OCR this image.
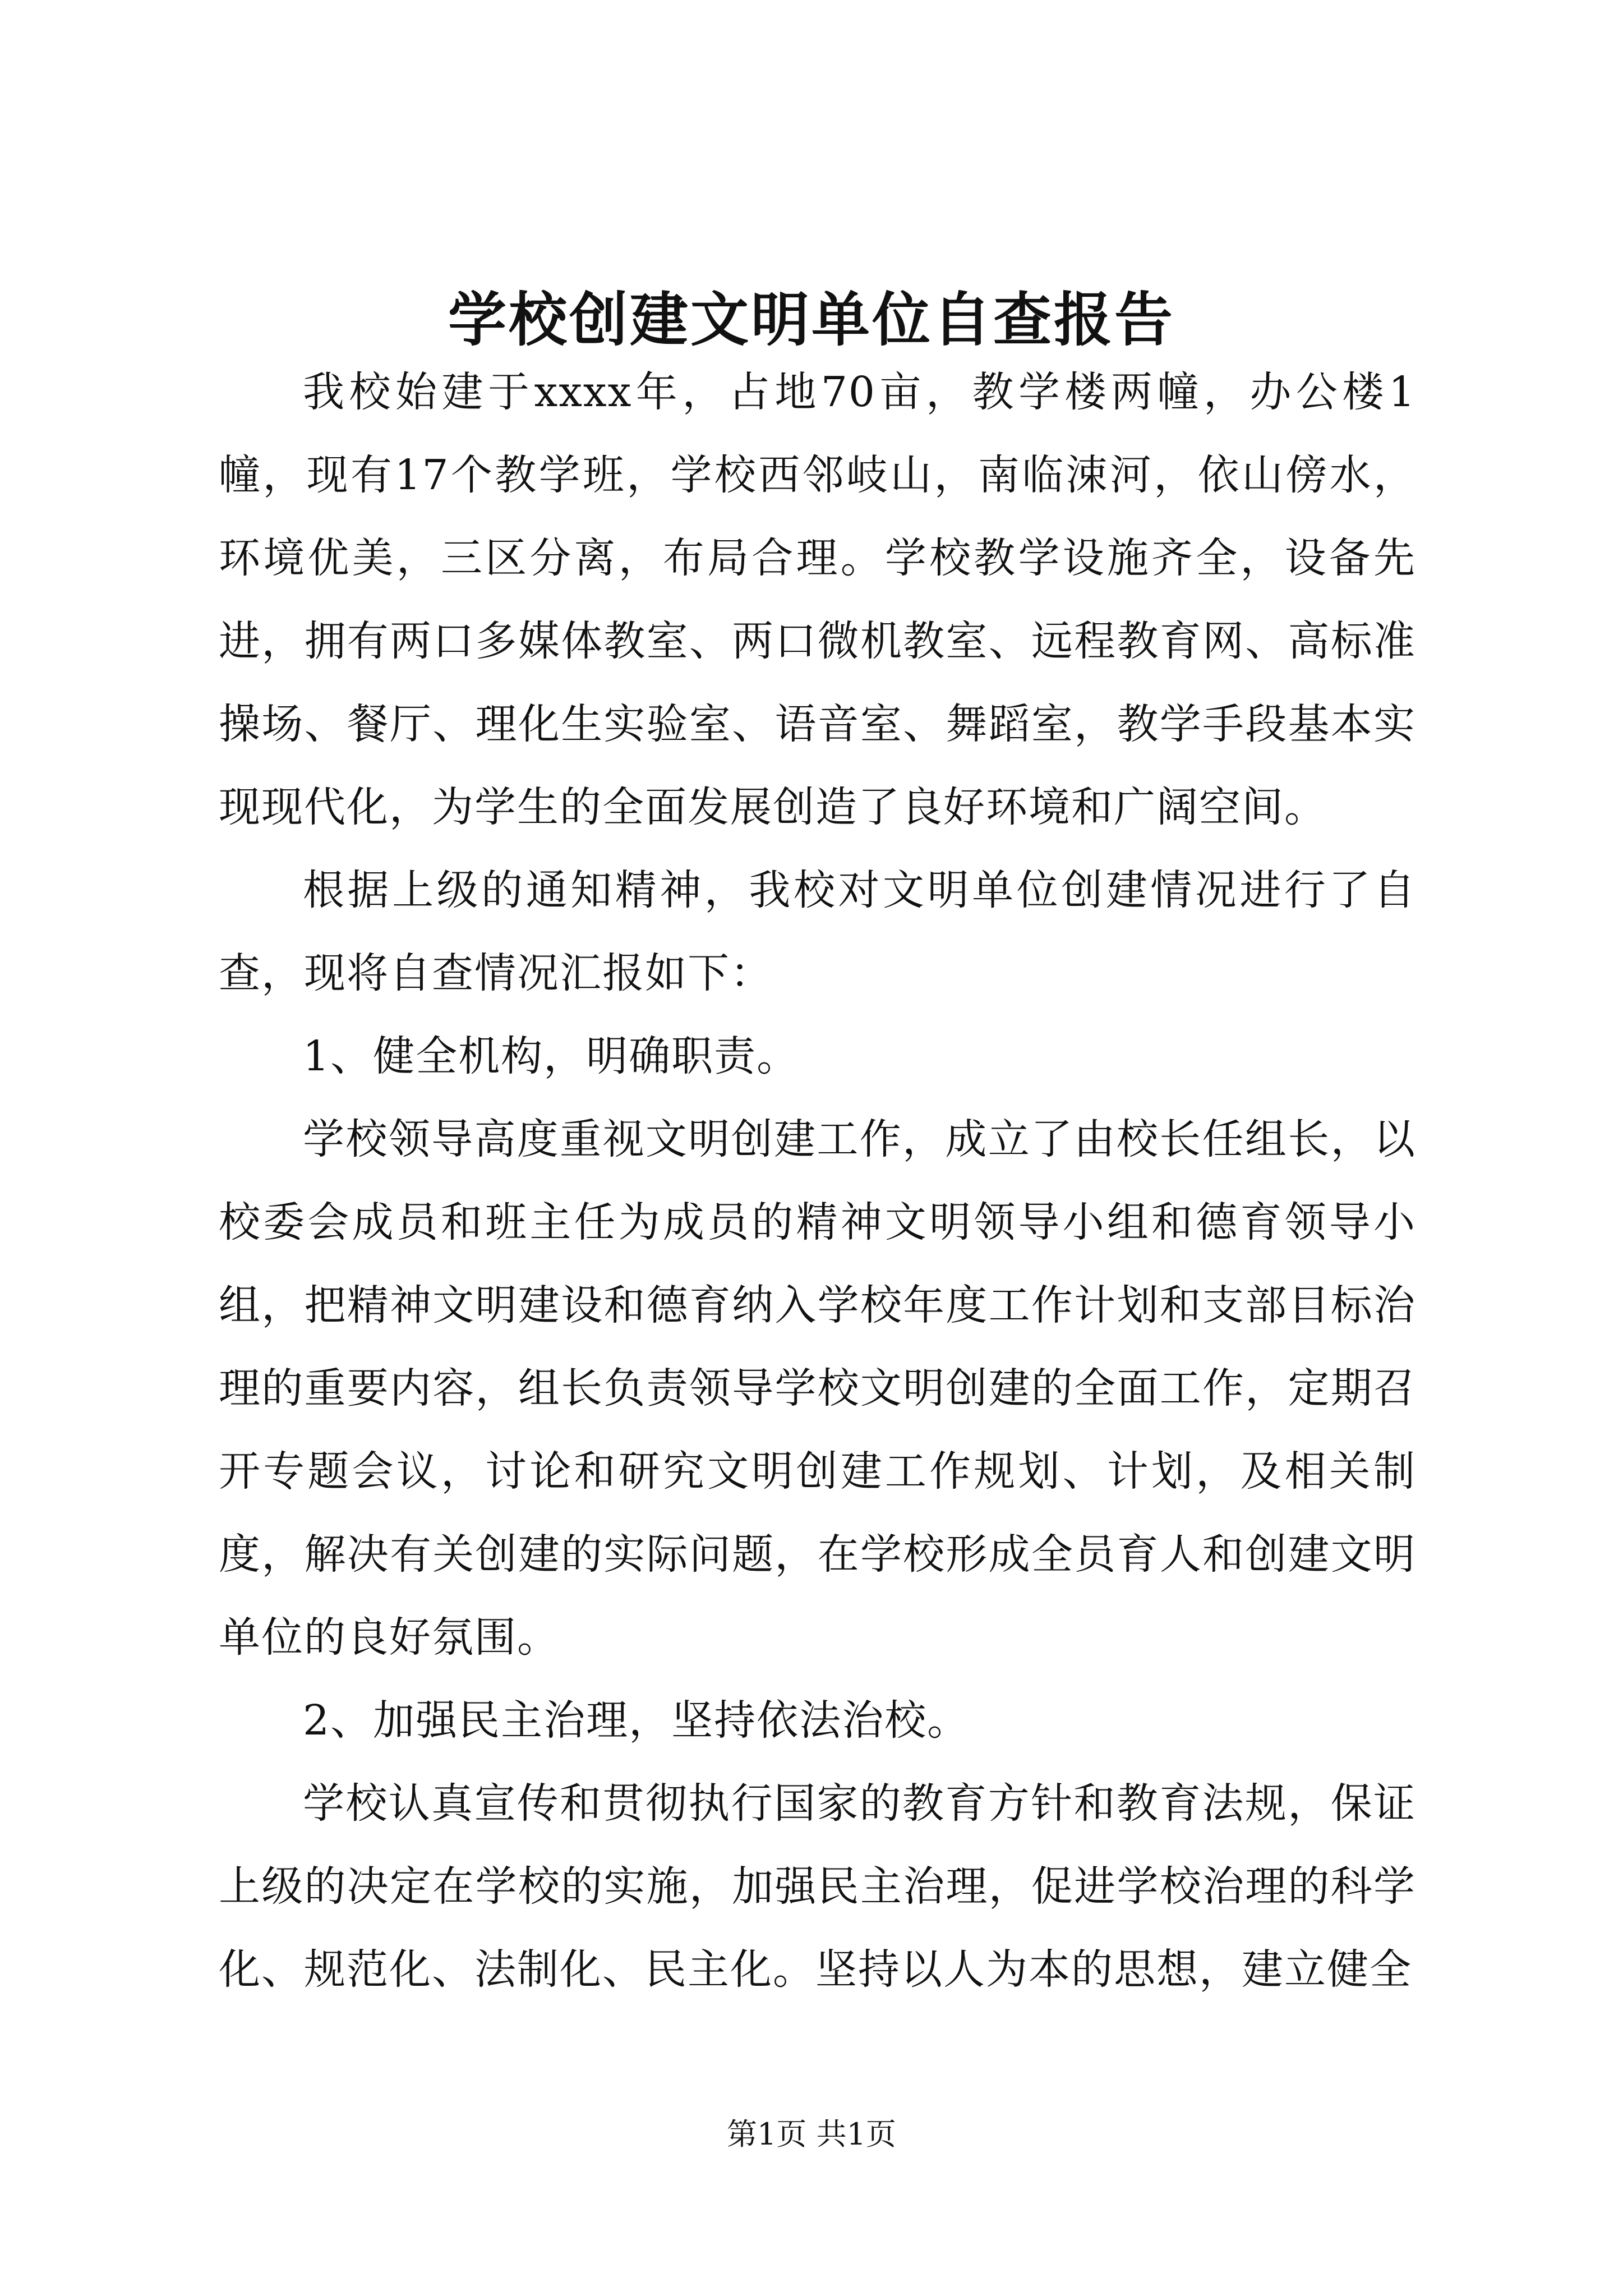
学校创建文明单位自查报告

我校始建于xxxx年，占地70亩，教学楼两幢，办公楼1幢，现有17个教学班，学校西邻岐山，南临涑河，依山傍水，环境优美，三区分离，布局合理。学校教学设施齐全，设备先进，拥有两口多媒体教室、两口微机教室、远程教育网、高标准操场、餐厅、理化生实验室、语音室、舞蹈室，教学手段基本实现现代化，为学生的全面发展创造了良好环境和广阔空间。

根据上级的通知精神，我校对文明单位创建情况进行了自查，现将自查情况汇报如下：

1、健全机构，明确职责。

学校领导高度重视文明创建工作，成立了由校长任组长，以校委会成员和班主任为成员的精神文明领导小组和德育领导小组，把精神文明建设和德育纳入学校年度工作计划和支部目标治理的重要内容，组长负责领导学校文明创建的全面工作，定期召开专题会议，讨论和研究文明创建工作规划、计划，及相关制度，解决有关创建的实际问题，在学校形成全员育人和创建文明单位的良好氛围。

2、加强民主治理，坚持依法治校。

学校认真宣传和贯彻执行国家的教育方针和教育法规，保证上级的决定在学校的实施，加强民主治理，促进学校治理的科学化、规范化、法制化、民主化。坚持以人为本的思想，建立健全

第1页 共1页
